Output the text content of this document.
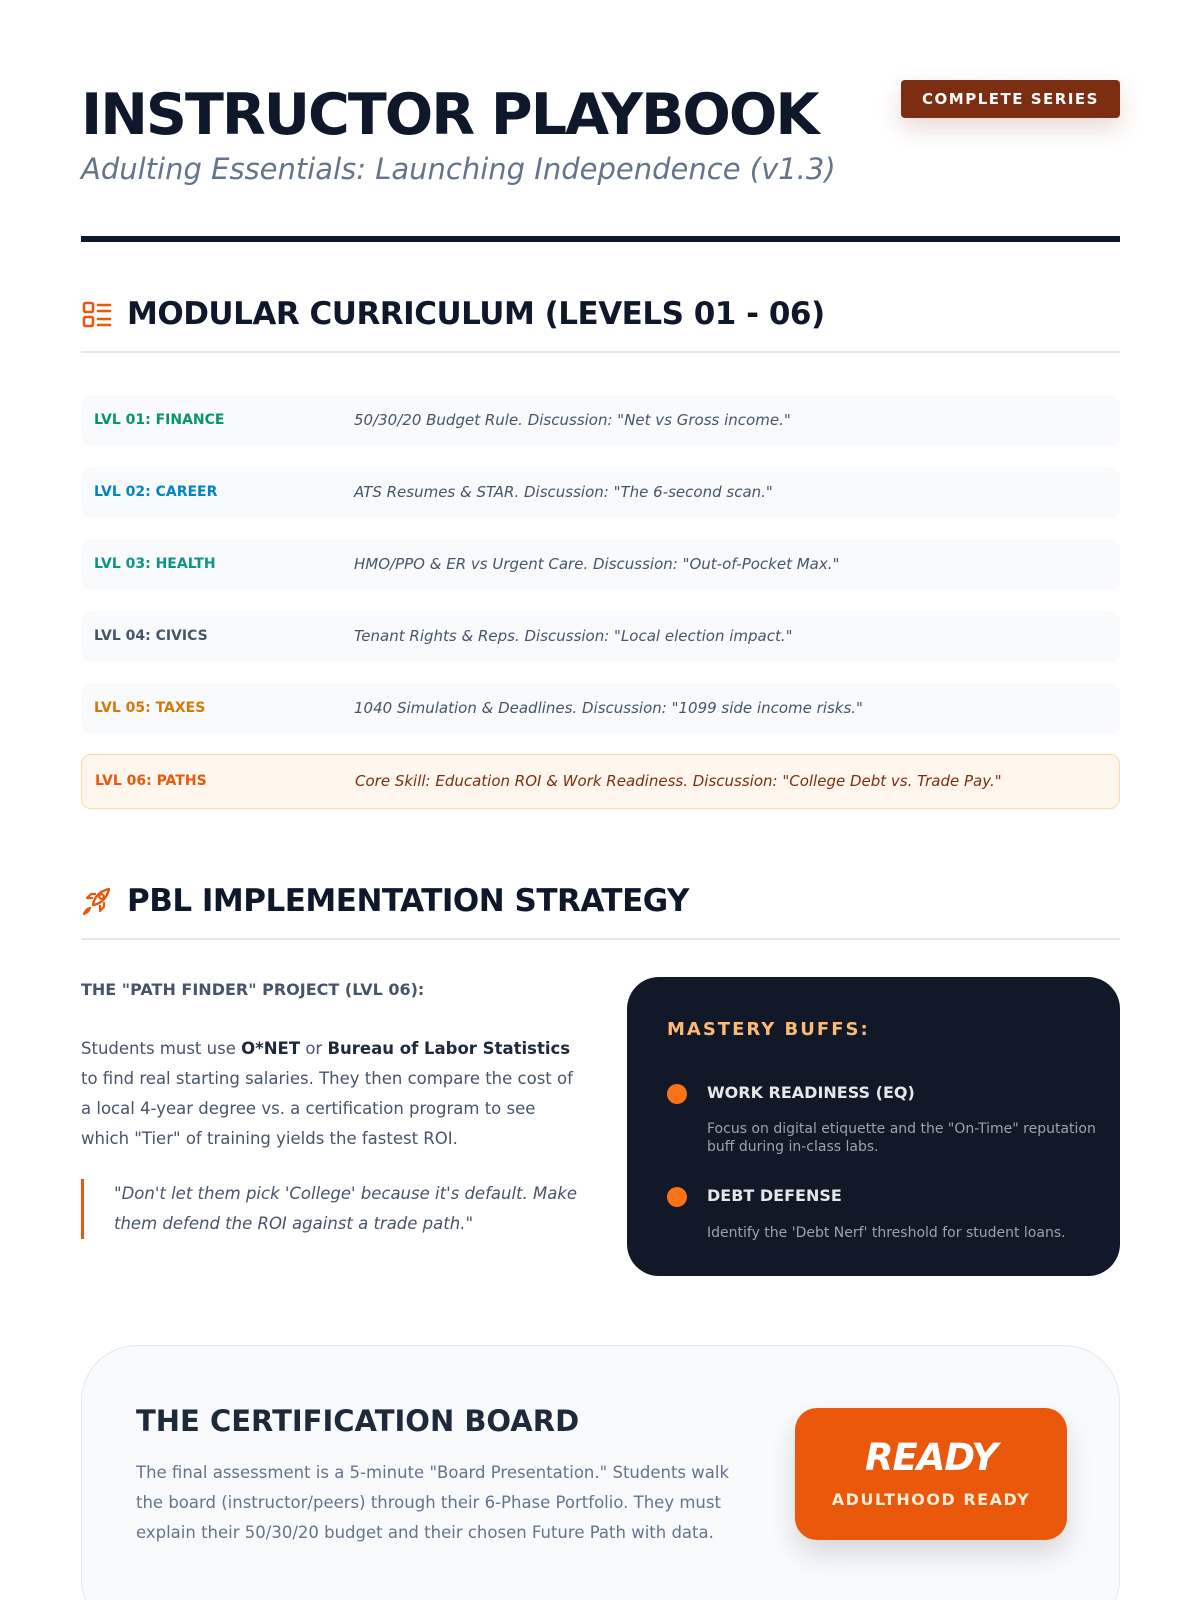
INSTRUCTOR PLAYBOOK
Adulting Essentials: Launching Independence (v1.3)
COMPLETE SERIES
MODULAR CURRICULUM (LEVELS 01 - 06)
LVL 01: FINANCE	50/30/20 Budget Rule. Discussion: "Net vs Gross income."
LVL 02: CAREER	ATS Resumes & STAR. Discussion: "The 6-second scan."
LVL 03: HEALTH	HMO/PPO & ER vs Urgent Care. Discussion: "Out-of-Pocket Max."
LVL 04: CIVICS	Tenant Rights & Reps. Discussion: "Local election impact."
LVL 05: TAXES	1040 Simulation & Deadlines. Discussion: "1099 side income risks."
LVL 06: PATHS	Core Skill: Education ROI & Work Readiness. Discussion: "College Debt vs. Trade Pay."
PBL IMPLEMENTATION STRATEGY
THE "PATH FINDER" PROJECT (LVL 06):
Students must use O*NET or Bureau of Labor Statistics to find real starting salaries. They then compare the cost of a local 4-year degree vs. a certification program to see which "Tier" of training yields the fastest ROI.
"Don't let them pick 'College' because it's default. Make them defend the ROI against a trade path."
MASTERY BUFFS:
WORK READINESS (EQ)
Focus on digital etiquette and the "On-Time" reputation buff during in-class labs.
DEBT DEFENSE
Identify the 'Debt Nerf' threshold for student loans.
THE CERTIFICATION BOARD
The final assessment is a 5-minute "Board Presentation." Students walk the board (instructor/peers) through their 6-Phase Portfolio. They must explain their 50/30/20 budget and their chosen Future Path with data.
READY
ADULTHOOD READY
